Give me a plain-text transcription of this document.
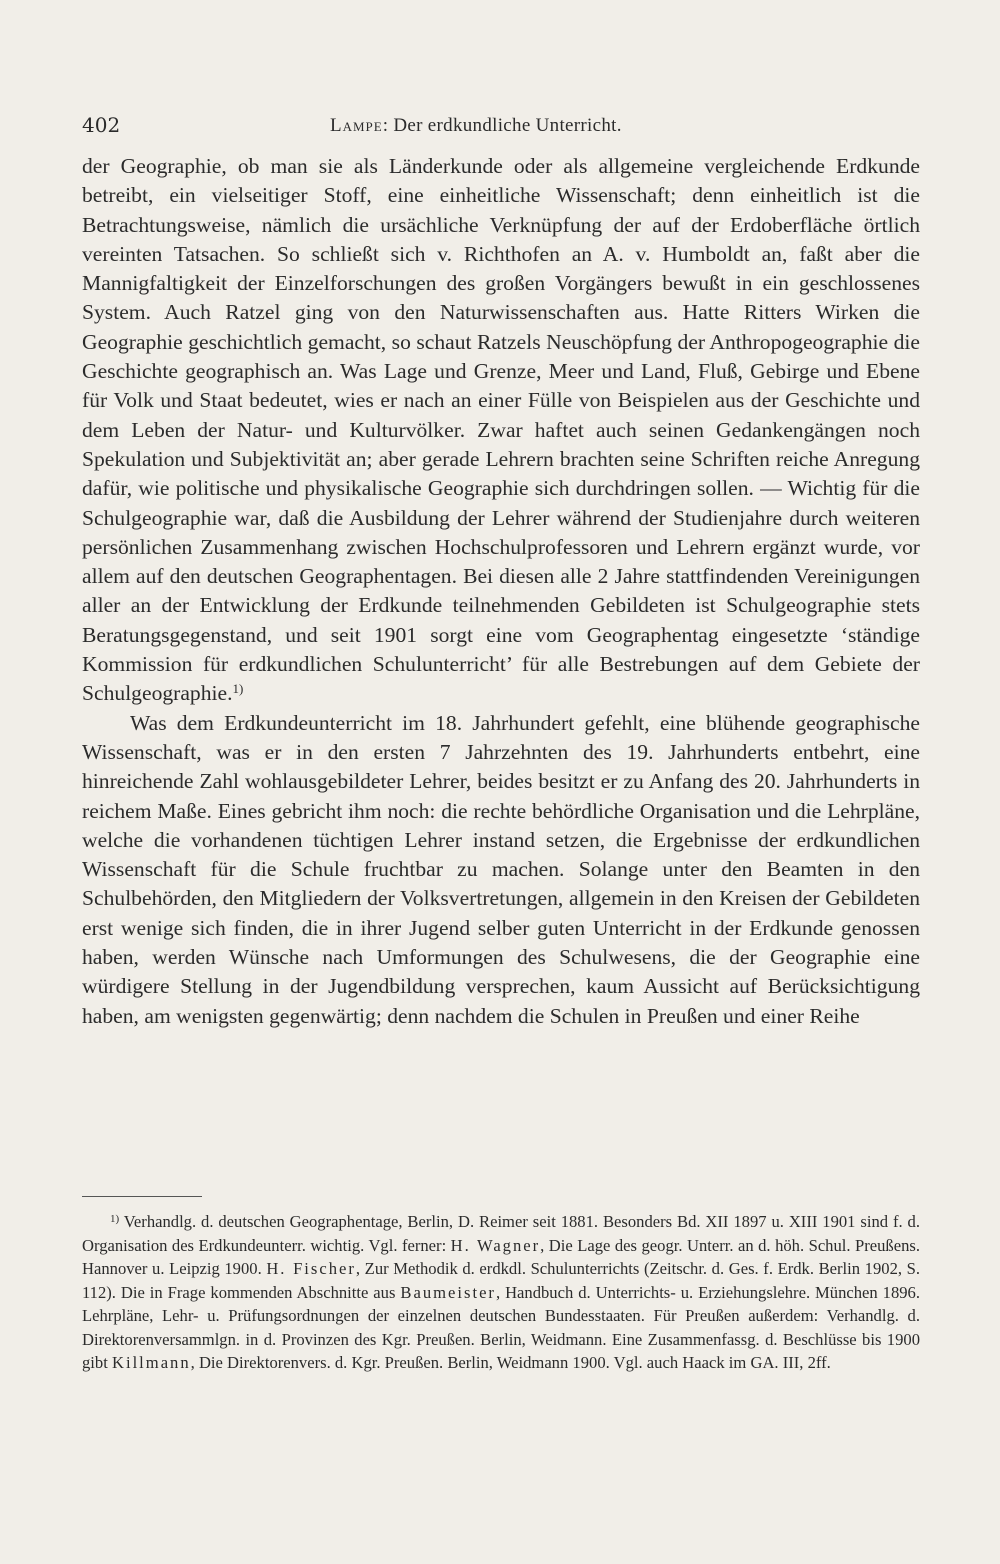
402	Lampe: Der erdkundliche Unterricht.

der Geographie, ob man sie als Länderkunde oder als allgemeine vergleichende Erdkunde betreibt, ein vielseitiger Stoff, eine einheitliche Wissenschaft; denn einheitlich ist die Betrachtungsweise, nämlich die ursächliche Verknüpfung der auf der Erdoberfläche örtlich vereinten Tatsachen. So schließt sich v. Richthofen an A. v. Humboldt an, faßt aber die Mannigfaltigkeit der Einzelforschungen des großen Vorgängers bewußt in ein geschlossenes System. Auch Ratzel ging von den Naturwissenschaften aus. Hatte Ritters Wirken die Geographie geschichtlich gemacht, so schaut Ratzels Neuschöpfung der Anthropogeographie die Geschichte geographisch an. Was Lage und Grenze, Meer und Land, Fluß, Gebirge und Ebene für Volk und Staat bedeutet, wies er nach an einer Fülle von Beispielen aus der Geschichte und dem Leben der Natur- und Kulturvölker. Zwar haftet auch seinen Gedankengängen noch Spekulation und Subjektivität an; aber gerade Lehrern brachten seine Schriften reiche Anregung dafür, wie politische und physikalische Geographie sich durchdringen sollen. — Wichtig für die Schulgeographie war, daß die Ausbildung der Lehrer während der Studienjahre durch weiteren persönlichen Zusammenhang zwischen Hochschulprofessoren und Lehrern ergänzt wurde, vor allem auf den deutschen Geographentagen. Bei diesen alle 2 Jahre stattfindenden Vereinigungen aller an der Entwicklung der Erdkunde teilnehmenden Gebildeten ist Schulgeographie stets Beratungsgegenstand, und seit 1901 sorgt eine vom Geographentag eingesetzte ‘ständige Kommission für erdkundlichen Schulunterricht’ für alle Bestrebungen auf dem Gebiete der Schulgeographie.$^{1)}$

Was dem Erdkundeunterricht im 18. Jahrhundert gefehlt, eine blühende geographische Wissenschaft, was er in den ersten 7 Jahrzehnten des 19. Jahrhunderts entbehrt, eine hinreichende Zahl wohlausgebildeter Lehrer, beides besitzt er zu Anfang des 20. Jahrhunderts in reichem Maße. Eines gebricht ihm noch: die rechte behördliche Organisation und die Lehrpläne, welche die vorhandenen tüchtigen Lehrer instand setzen, die Ergebnisse der erdkundlichen Wissenschaft für die Schule fruchtbar zu machen. Solange unter den Beamten in den Schulbehörden, den Mitgliedern der Volksvertretungen, allgemein in den Kreisen der Gebildeten erst wenige sich finden, die in ihrer Jugend selber guten Unterricht in der Erdkunde genossen haben, werden Wünsche nach Umformungen des Schulwesens, die der Geographie eine würdigere Stellung in der Jugendbildung versprechen, kaum Aussicht auf Berücksichtigung haben, am wenigsten gegenwärtig; denn nachdem die Schulen in Preußen und einer Reihe

$^{1)}$ Verhandlg. d. deutschen Geographentage, Berlin, D. Reimer seit 1881. Besonders Bd. XII 1897 u. XIII 1901 sind f. d. Organisation des Erdkundeunterr. wichtig. Vgl. ferner: H. Wagner, Die Lage des geogr. Unterr. an d. höh. Schul. Preußens. Hannover u. Leipzig 1900. H. Fischer, Zur Methodik d. erdkdl. Schulunterrichts (Zeitschr. d. Ges. f. Erdk. Berlin 1902, S. 112). Die in Frage kommenden Abschnitte aus Baumeister, Handbuch d. Unterrichts- u. Erziehungslehre. München 1896. Lehrpläne, Lehr- u. Prüfungsordnungen der einzelnen deutschen Bundesstaaten. Für Preußen außerdem: Verhandlg. d. Direktorenversammlgn. in d. Provinzen des Kgr. Preußen. Berlin, Weidmann. Eine Zusammenfassg. d. Beschlüsse bis 1900 gibt Killmann, Die Direktorenvers. d. Kgr. Preußen. Berlin, Weidmann 1900. Vgl. auch Haack im GA. III, 2ff.
